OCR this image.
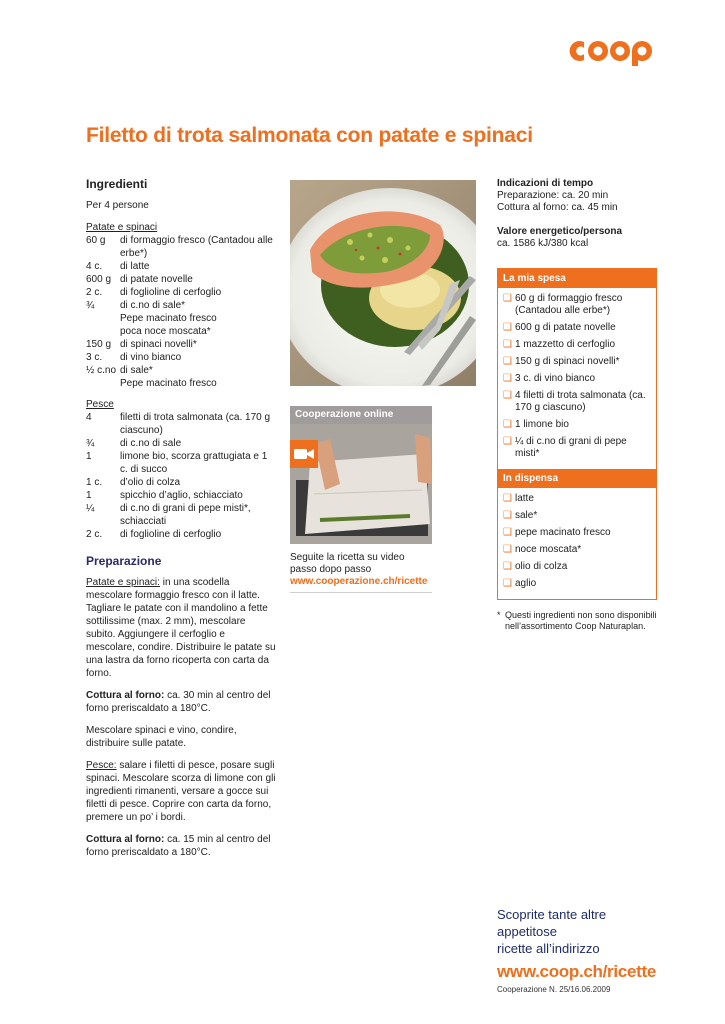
Filetto di trota salmonata con patate e spinaci
Ingredienti
Per 4 persone
Patate e spinaci
60 g	di formaggio fresco (Cantadou alle erbe*)
4 c.	di latte
600 g di patate novelle
2 c.	di foglioline di cerfoglio
¾	di c.no di sale*
Pepe macinato fresco
poca noce moscata*
150 g di spinaci novelli*
3 c.	di vino bianco
½ c.no di sale*
Pepe macinato fresco
Pesce
4	filetti di trota salmonata (ca. 170 g ciascuno)
¾	di c.no di sale
1	limone bio, scorza grattugiata e 1 c. di succo
1 c.	d’olio di colza
1	spicchio d’aglio, schiacciato
¼	di c.no di grani di pepe misti*, schiacciati
2 c.	di foglioline di cerfoglio
Preparazione

Patate e spinaci: in una scodella mescolare formaggio fresco con il latte. Tagliare le patate con il mandolino a fette sottilissime (max. 2 mm), mescolare subito. Aggiungere il cerfoglio e mescolare, condire. Distribuire le patate su una lastra da forno ricoperta con carta da forno.

Cottura al forno: ca. 30 min al centro del forno preriscaldato a 180°C.

Mescolare spinaci e vino, condire, distribuire sulle patate.

Pesce: salare i filetti di pesce, posare sugli spinaci. Mescolare scorza di limone con gli ingredienti rimanenti, versare a gocce sui filetti di pesce. Coprire con carta da forno, premere un po’ i bordi.

Cottura al forno: ca. 15 min al centro del forno preriscaldato a 180°C.

Cooperazione online
Seguite la ricetta su video
passo dopo passo
www.cooperazione.ch/ricette
Indicazioni di tempo
Preparazione: ca. 20 min
Cottura al forno: ca. 45 min
Valore energetico/persona
ca. 1586 kJ/380 kcal
La mia spesa
❑ 60 g di formaggio fresco (Cantadou alle erbe*)
❑ 600 g di patate novelle
❑ 1 mazzetto di cerfoglio
❑ 150 g di spinaci novelli*
❑ 3 c. di vino bianco
❑ 4 filetti di trota salmonata (ca. 170 g ciascuno)
❑ 1 limone bio
❑ ¼ di c.no di grani di pepe misti*
In dispensa
❑ latte
❑ sale*
❑ pepe macinato fresco
❑ noce moscata*
❑ olio di colza
❑ aglio
* Questi ingredienti non sono disponibili nell’assortimento Coop Naturaplan.
Scoprite tante altre appetitose
ricette all’indirizzo
www.coop.ch/ricette
Cooperazione N. 25/16.06.2009
